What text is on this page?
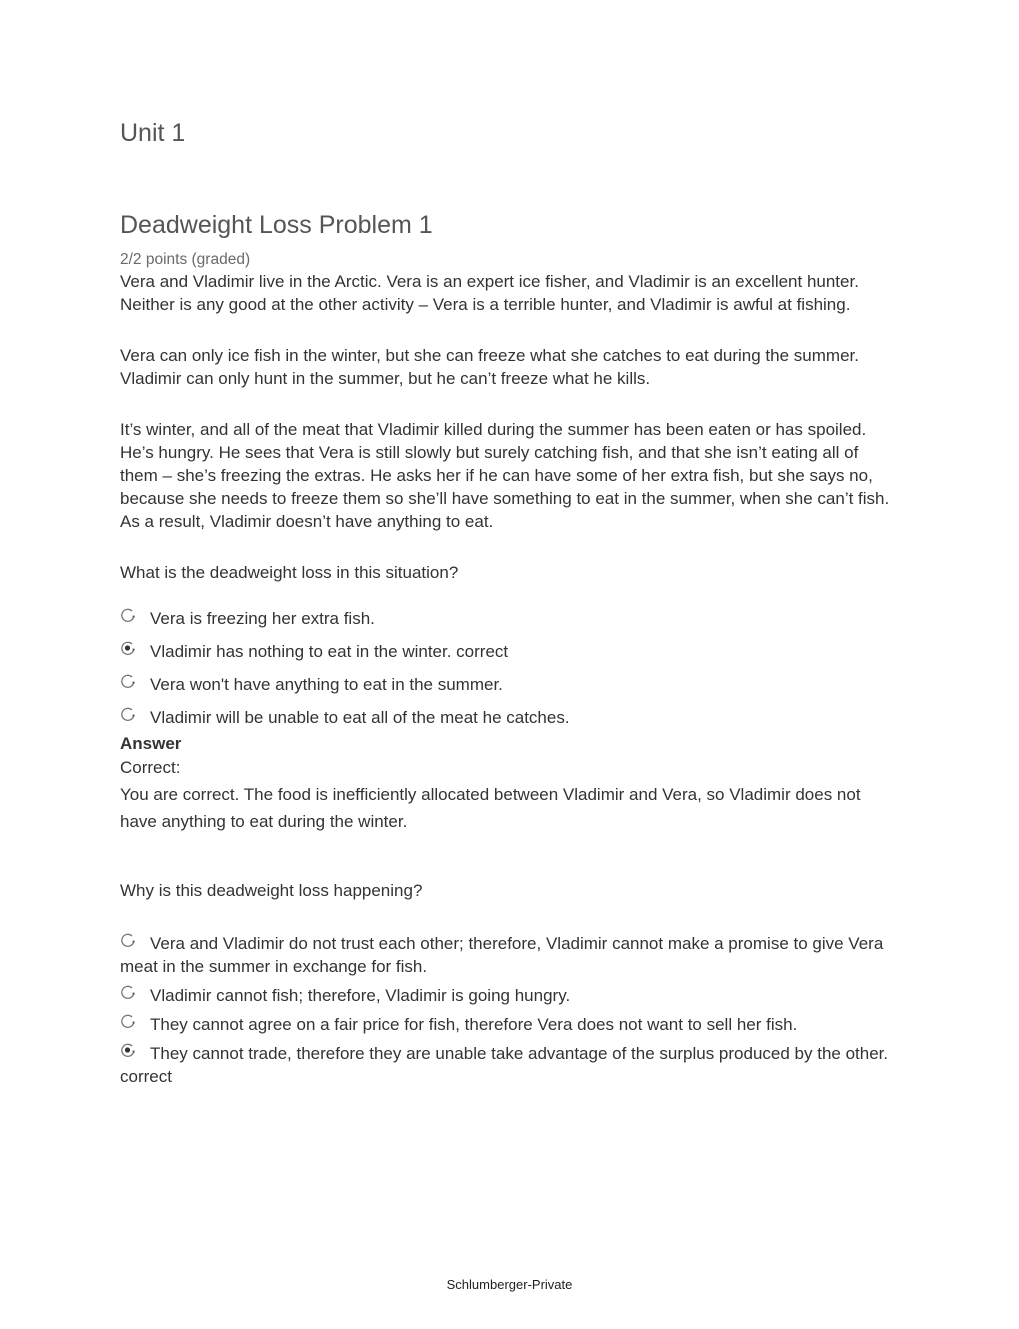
Unit 1
Deadweight Loss Problem 1
2/2 points (graded)

Vera and Vladimir live in the Arctic. Vera is an expert ice fisher, and Vladimir is an excellent hunter. Neither is any good at the other activity – Vera is a terrible hunter, and Vladimir is awful at fishing.

Vera can only ice fish in the winter, but she can freeze what she catches to eat during the summer. Vladimir can only hunt in the summer, but he can’t freeze what he kills.

It’s winter, and all of the meat that Vladimir killed during the summer has been eaten or has spoiled. He’s hungry. He sees that Vera is still slowly but surely catching fish, and that she isn’t eating all of them – she’s freezing the extras. He asks her if he can have some of her extra fish, but she says no, because she needs to freeze them so she’ll have something to eat in the summer, when she can’t fish. As a result, Vladimir doesn’t have anything to eat.

What is the deadweight loss in this situation?

Vera is freezing her extra fish.
Vladimir has nothing to eat in the winter. correct
Vera won't have anything to eat in the summer.
Vladimir will be unable to eat all of the meat he catches.
Answer
Correct:

You are correct. The food is inefficiently allocated between Vladimir and Vera, so Vladimir does not have anything to eat during the winter.

Why is this deadweight loss happening?

Vera and Vladimir do not trust each other; therefore, Vladimir cannot make a promise to give Vera meat in the summer in exchange for fish.
Vladimir cannot fish; therefore, Vladimir is going hungry.
They cannot agree on a fair price for fish, therefore Vera does not want to sell her fish.
They cannot trade, therefore they are unable take advantage of the surplus produced by the other. correct
Schlumberger-Private
